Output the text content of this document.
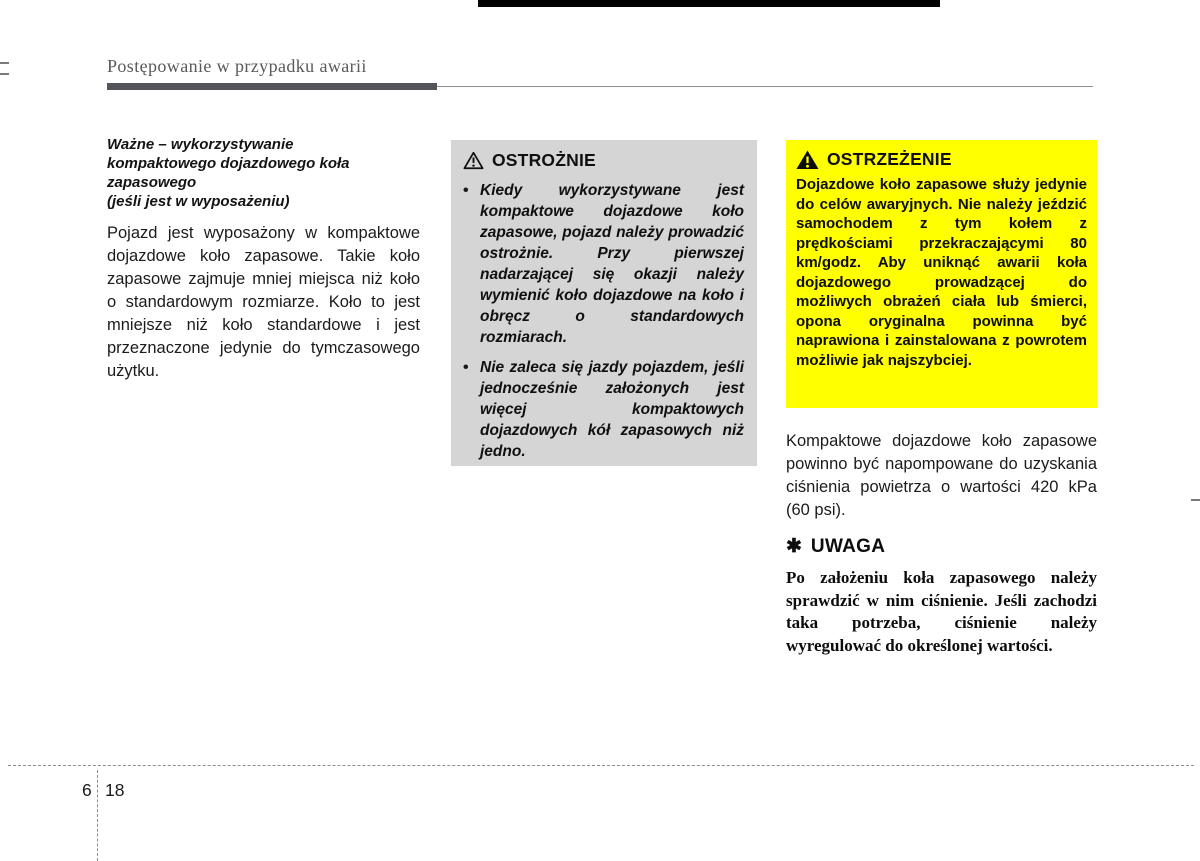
Postępowanie w przypadku awarii
Ważne – wykorzystywanie kompaktowego dojazdowego koła zapasowego
(jeśli jest w wyposażeniu)

Pojazd jest wyposażony w kompaktowe dojazdowe koło zapasowe. Takie koło zapasowe zajmuje mniej miejsca niż koło o standardowym rozmiarze. Koło to jest mniejsze niż koło standardowe i jest przeznaczone jedynie do tymczasowego użytku.

OSTROŻNIE
• Kiedy wykorzystywane jest kompaktowe dojazdowe koło zapasowe, pojazd należy prowadzić ostrożnie. Przy pierwszej nadarzającej się okazji należy wymienić koło dojazdowe na koło i obręcz o standardowych rozmiarach.

• Nie zaleca się jazdy pojazdem, jeśli jednocześnie założonych jest więcej kompaktowych dojazdowych kół zapasowych niż jedno.

OSTRZEŻENIE

Dojazdowe koło zapasowe służy jedynie do celów awaryjnych. Nie należy jeździć samochodem z tym kołem z prędkościami przekraczającymi 80 km/godz. Aby uniknąć awarii koła dojazdowego prowadzącej do możliwych obrażeń ciała lub śmierci, opona oryginalna powinna być naprawiona i zainstalowana z powrotem możliwie jak najszybciej.

Kompaktowe dojazdowe koło zapasowe powinno być napompowane do uzyskania ciśnienia powietrza o wartości 420 kPa (60 psi).

✱ UWAGA

Po założeniu koła zapasowego należy sprawdzić w nim ciśnienie. Jeśli zachodzi taka potrzeba, ciśnienie należy wyregulować do określonej wartości.

6 18
